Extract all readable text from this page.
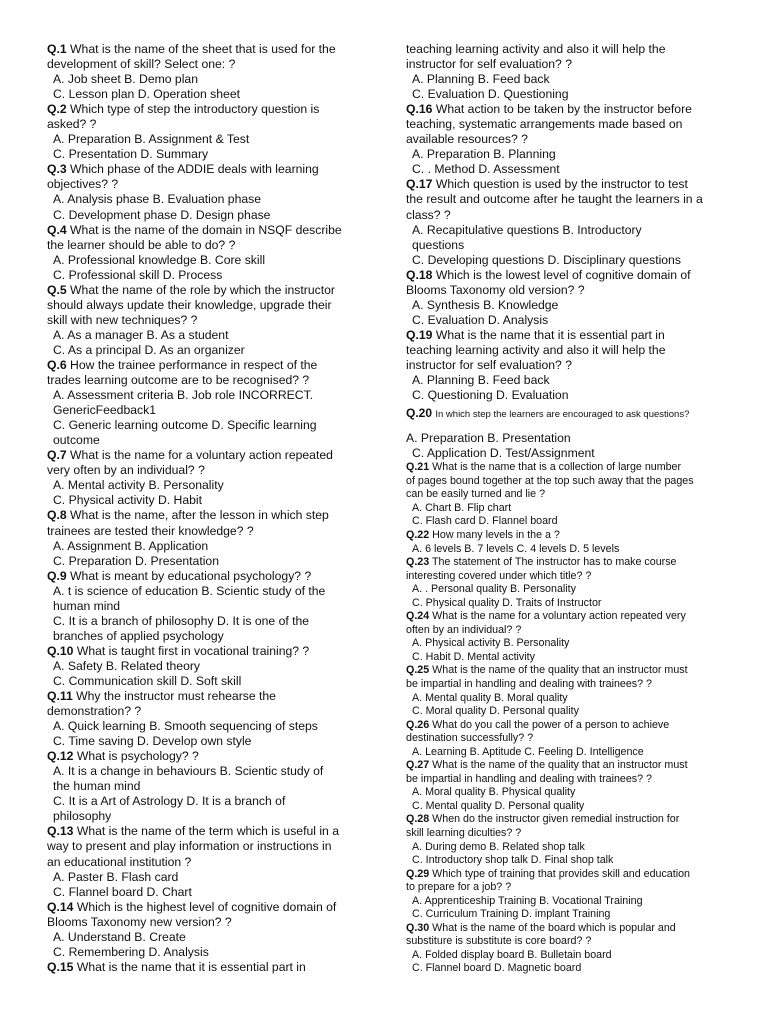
Q.1 What is the name of the sheet that is used for the
development of skill? Select one: ?
A. Job sheet B. Demo plan
C. Lesson plan D. Operation sheet
Q.2 Which type of step the introductory question is
asked? ?
A. Preparation B. Assignment & Test
C. Presentation D. Summary
Q.3 Which phase of the ADDIE deals with learning
objectives? ?
A. Analysis phase B. Evaluation phase
C. Development phase D. Design phase
Q.4 What is the name of the domain in NSQF describe
the learner should be able to do? ?
A. Professional knowledge B. Core skill
C. Professional skill D. Process
Q.5 What the name of the role by which the instructor
should always update their knowledge, upgrade their
skill with new techniques? ?
A. As a manager B. As a student
C. As a principal D. As an organizer
Q.6 How the trainee performance in respect of the
trades learning outcome are to be recognised? ?
A. Assessment criteria B. Job role INCORRECT.
GenericFeedback1
C. Generic learning outcome D. Specific learning
outcome
Q.7 What is the name for a voluntary action repeated
very often by an individual? ?
A. Mental activity B. Personality
C. Physical activity D. Habit
Q.8 What is the name, after the lesson in which step
trainees are tested their knowledge? ?
A. Assignment B. Application
C. Preparation D. Presentation
Q.9 What is meant by educational psychology? ?
A. t is science of education B. Scientic study of the
human mind
C. It is a branch of philosophy D. It is one of the
branches of applied psychology
Q.10 What is taught first in vocational training? ?
A. Safety B. Related theory
C. Communication skill D. Soft skill
Q.11 Why the instructor must rehearse the
demonstration? ?
A. Quick learning B. Smooth sequencing of steps
C. Time saving D. Develop own style
Q.12 What is psychology? ?
A. It is a change in behaviours B. Scientic study of
the human mind
C. It is a Art of Astrology D. It is a branch of
philosophy
Q.13 What is the name of the term which is useful in a
way to present and play information or instructions in
an educational institution ?
A. Paster B. Flash card
C. Flannel board D. Chart
Q.14 Which is the highest level of cognitive domain of
Blooms Taxonomy new version? ?
A. Understand B. Create
C. Remembering D. Analysis
Q.15 What is the name that it is essential part in
teaching learning activity and also it will help the
instructor for self evaluation? ?
A. Planning B. Feed back
C. Evaluation D. Questioning
Q.16 What action to be taken by the instructor before
teaching, systematic arrangements made based on
available resources? ?
A. Preparation B. Planning
C. . Method D. Assessment
Q.17 Which question is used by the instructor to test
the result and outcome after he taught the learners in a
class? ?
A. Recapitulative questions B. Introductory
questions
C. Developing questions D. Disciplinary questions
Q.18 Which is the lowest level of cognitive domain of
Blooms Taxonomy old version? ?
A. Synthesis B. Knowledge
C. Evaluation D. Analysis
Q.19 What is the name that it is essential part in
teaching learning activity and also it will help the
instructor for self evaluation? ?
A. Planning B. Feed back
C. Questioning D. Evaluation
Q.20 In which step the learners are encouraged to ask questions?
A. Preparation B. Presentation
C. Application D. Test/Assignment
Q.21 What is the name that is a collection of large number
of pages bound together at the top such away that the pages
can be easily turned and lie ?
A. Chart B. Flip chart
C. Flash card D. Flannel board
Q.22 How many levels in the a ?
A. 6 levels B. 7 levels C. 4 levels D. 5 levels
Q.23 The statement of The instructor has to make course
interesting covered under which title? ?
A. . Personal quality B. Personality
C. Physical quality D. Traits of Instructor
Q.24 What is the name for a voluntary action repeated very
often by an individual? ?
A. Physical activity B. Personality
C. Habit D. Mental activity
Q.25 What is the name of the quality that an instructor must
be impartial in handling and dealing with trainees? ?
A. Mental quality B. Moral quality
C. Moral quality D. Personal quality
Q.26 What do you call the power of a person to achieve
destination successfully? ?
A. Learning B. Aptitude C. Feeling D. Intelligence
Q.27 What is the name of the quality that an instructor must
be impartial in handling and dealing with trainees? ?
A. Moral quality B. Physical quality
C. Mental quality D. Personal quality
Q.28 When do the instructor given remedial instruction for
skill learning diculties? ?
A. During demo B. Related shop talk
C. Introductory shop talk D. Final shop talk
Q.29 Which type of training that provides skill and education
to prepare for a job? ?
A. Apprenticeship Training B. Vocational Training
C. Curriculum Training D. implant Training
Q.30 What is the name of the board which is popular and
substiture is substitute is core board? ?
A. Folded display board B. Bulletain board
C. Flannel board D. Magnetic board
